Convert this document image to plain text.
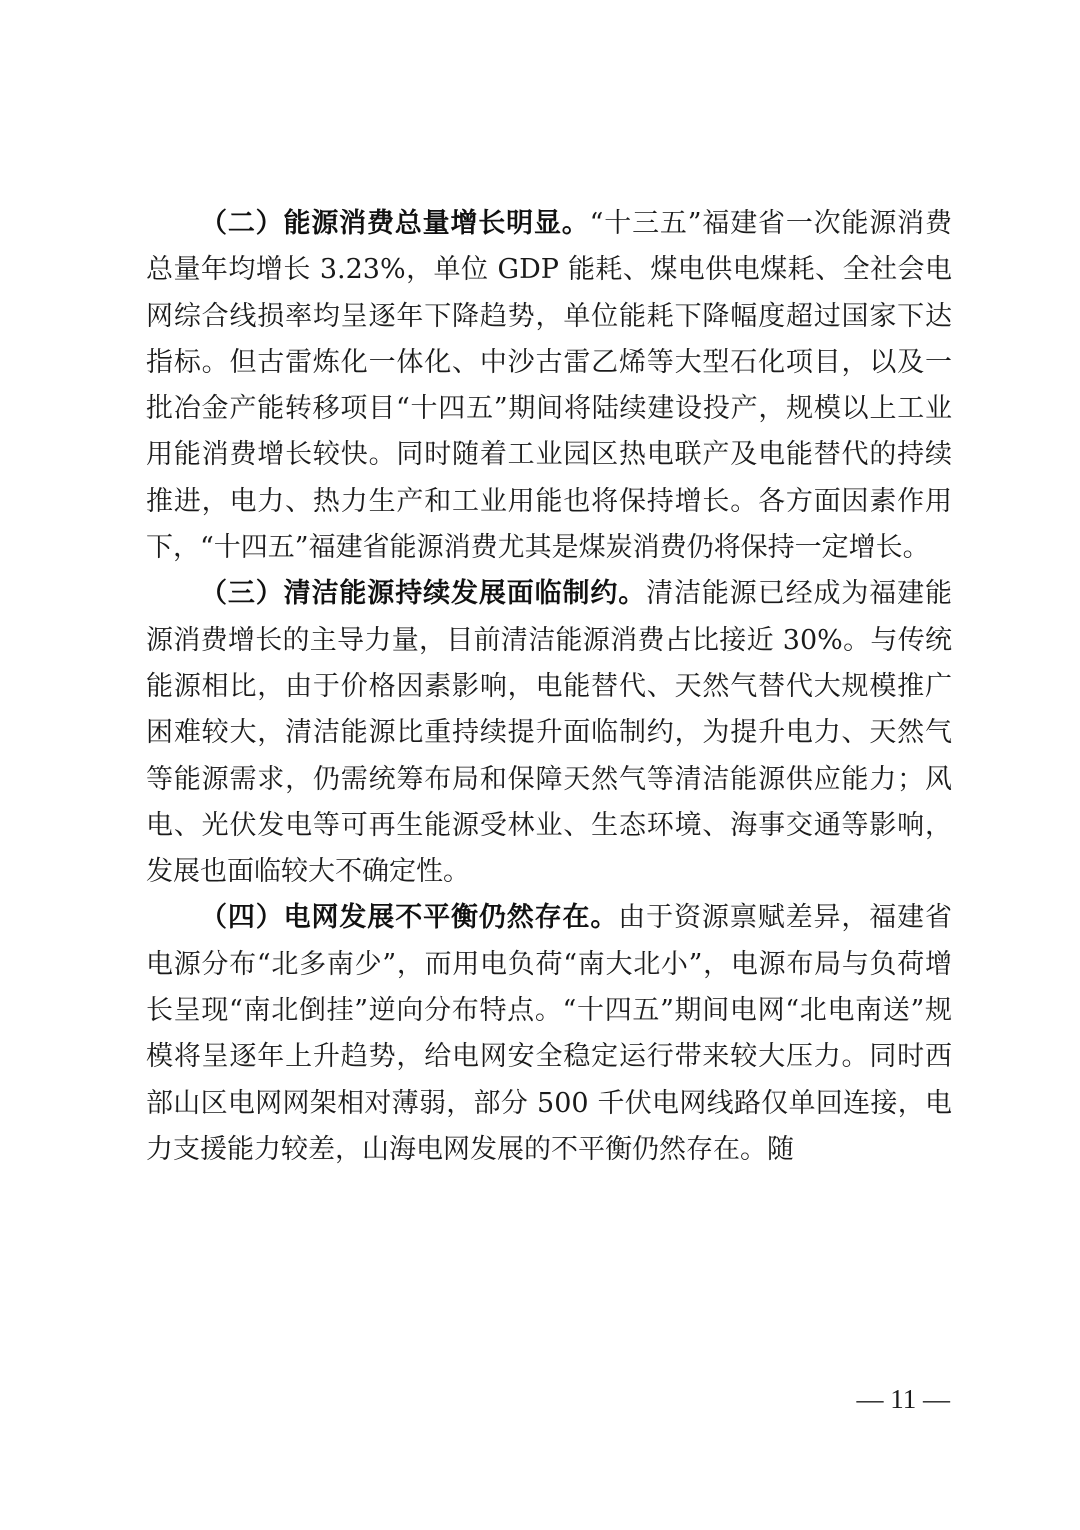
（二）能源消费总量增长明显。“十三五”福建省一次能源消费总量年均增长 3.23%，单位 GDP 能耗、煤电供电煤耗、全社会电网综合线损率均呈逐年下降趋势，单位能耗下降幅度超过国家下达指标。但古雷炼化一体化、中沙古雷乙烯等大型石化项目，以及一批冶金产能转移项目“十四五”期间将陆续建设投产，规模以上工业用能消费增长较快。同时随着工业园区热电联产及电能替代的持续推进，电力、热力生产和工业用能也将保持增长。各方面因素作用下，“十四五”福建省能源消费尤其是煤炭消费仍将保持一定增长。

（三）清洁能源持续发展面临制约。清洁能源已经成为福建能源消费增长的主导力量，目前清洁能源消费占比接近 30%。与传统能源相比，由于价格因素影响，电能替代、天然气替代大规模推广困难较大，清洁能源比重持续提升面临制约，为提升电力、天然气等能源需求，仍需统筹布局和保障天然气等清洁能源供应能力；风电、光伏发电等可再生能源受林业、生态环境、海事交通等影响，发展也面临较大不确定性。

（四）电网发展不平衡仍然存在。由于资源禀赋差异，福建省电源分布“北多南少”，而用电负荷“南大北小”，电源布局与负荷增长呈现“南北倒挂”逆向分布特点。“十四五”期间电网“北电南送”规模将呈逐年上升趋势，给电网安全稳定运行带来较大压力。同时西部山区电网网架相对薄弱，部分 500 千伏电网线路仅单回连接，电力支援能力较差，山海电网发展的不平衡仍然存在。随

— 11 —
